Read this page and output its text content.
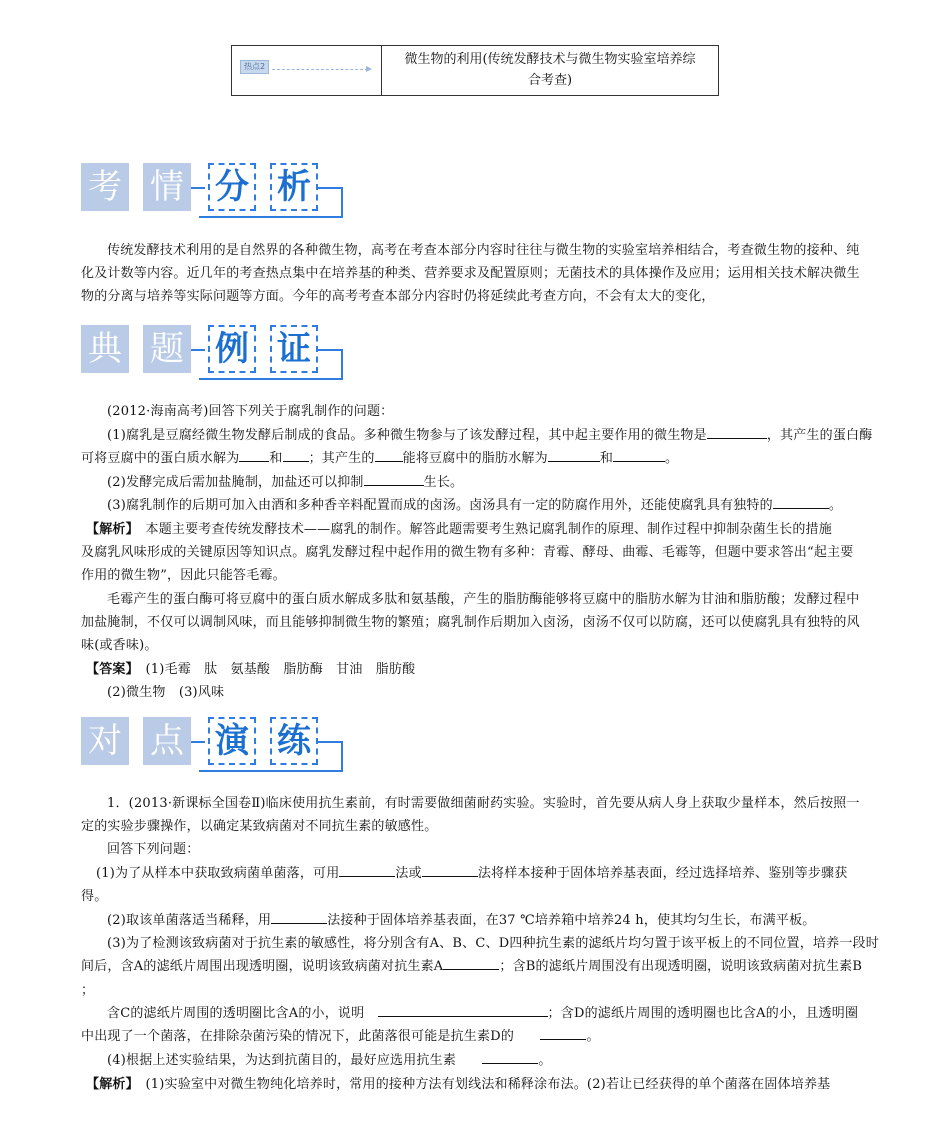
热点2	微生物的利用(传统发酵技术与微生物实验室培养综
合考查)
考 情 分 析

传统发酵技术利用的是自然界的各种微生物，高考在考查本部分内容时往往与微生物的实验室培养相结合，考查微生物的接种、纯

化及计数等内容。近几年的考查热点集中在培养基的种类、营养要求及配置原则；无菌技术的具体操作及应用；运用相关技术解决微生

物的分离与培养等实际问题等方面。今年的高考考查本部分内容时仍将延续此考查方向，不会有太大的变化，

典 题 例 证

(2012·海南高考)回答下列关于腐乳制作的问题：

(1)腐乳是豆腐经微生物发酵后制成的食品。多种微生物参与了该发酵过程，其中起主要作用的微生物是	，其产生的蛋白酶

可将豆腐中的蛋白质水解为 和 ；其产生的 能将豆腐中的脂肪水解为	和	。

(2)发酵完成后需加盐腌制，加盐还可以抑制	生长。

(3)腐乳制作的后期可加入由酒和多种香辛料配置而成的卤汤。卤汤具有一定的防腐作用外，还能使腐乳具有独特的	。

【解析】　 本题主要考查传统发酵技术——腐乳的制作。解答此题需要考生熟记腐乳制作的原理、制作过程中抑制杂菌生长的措施

及腐乳风味形成的关键原因等知识点。腐乳发酵过程中起作用的微生物有多种：青霉、酵母、曲霉、毛霉等，但题中要求答出“起主要

作用的微生物”，因此只能答毛霉。

毛霉产生的蛋白酶可将豆腐中的蛋白质水解成多肽和氨基酸，产生的脂肪酶能够将豆腐中的脂肪水解为甘油和脂肪酸；发酵过程中

加盐腌制，不仅可以调制风味，而且能够抑制微生物的繁殖；腐乳制作后期加入卤汤，卤汤不仅可以防腐，还可以使腐乳具有独特的风

味(或香味)。

【答案】　 (1)毛霉　肽　氨基酸　脂肪酶　甘油　脂肪酸

(2)微生物　(3)风味

对 点 演 练

1．(2013·新课标全国卷Ⅱ)临床使用抗生素前，有时需要做细菌耐药实验。实验时，首先要从病人身上获取少量样本，然后按照一

定的实验步骤操作，以确定某致病菌对不同抗生素的敏感性。

回答下列问题：

(1)为了从样本中获取致病菌单菌落，可用	法或	法将样本接种于固体培养基表面，经过选择培养、鉴别等步骤获

得。

(2)取该单菌落适当稀释，用	法接种于固体培养基表面，在37 ℃培养箱中培养24 h，使其均匀生长，布满平板。

(3)为了检测该致病菌对于抗生素的敏感性，将分别含有A、B、C、D四种抗生素的滤纸片均匀置于该平板上的不同位置，培养一段时

间后，含A的滤纸片周围出现透明圈，说明该致病菌对抗生素A	；含B的滤纸片周围没有出现透明圈，说明该致病菌对抗生素B

；

含C的滤纸片周围的透明圈比含A的小，说明　	；含D的滤纸片周围的透明圈也比含A的小，且透明圈

中出现了一个菌落，在排除杂菌污染的情况下，此菌落很可能是抗生素D的　　	。

(4)根据上述实验结果，为达到抗菌目的，最好应选用抗生素　　	。

【解析】　 (1)实验室中对微生物纯化培养时，常用的接种方法有划线法和稀释涂布法。(2)若让已经获得的单个菌落在固体培养基
